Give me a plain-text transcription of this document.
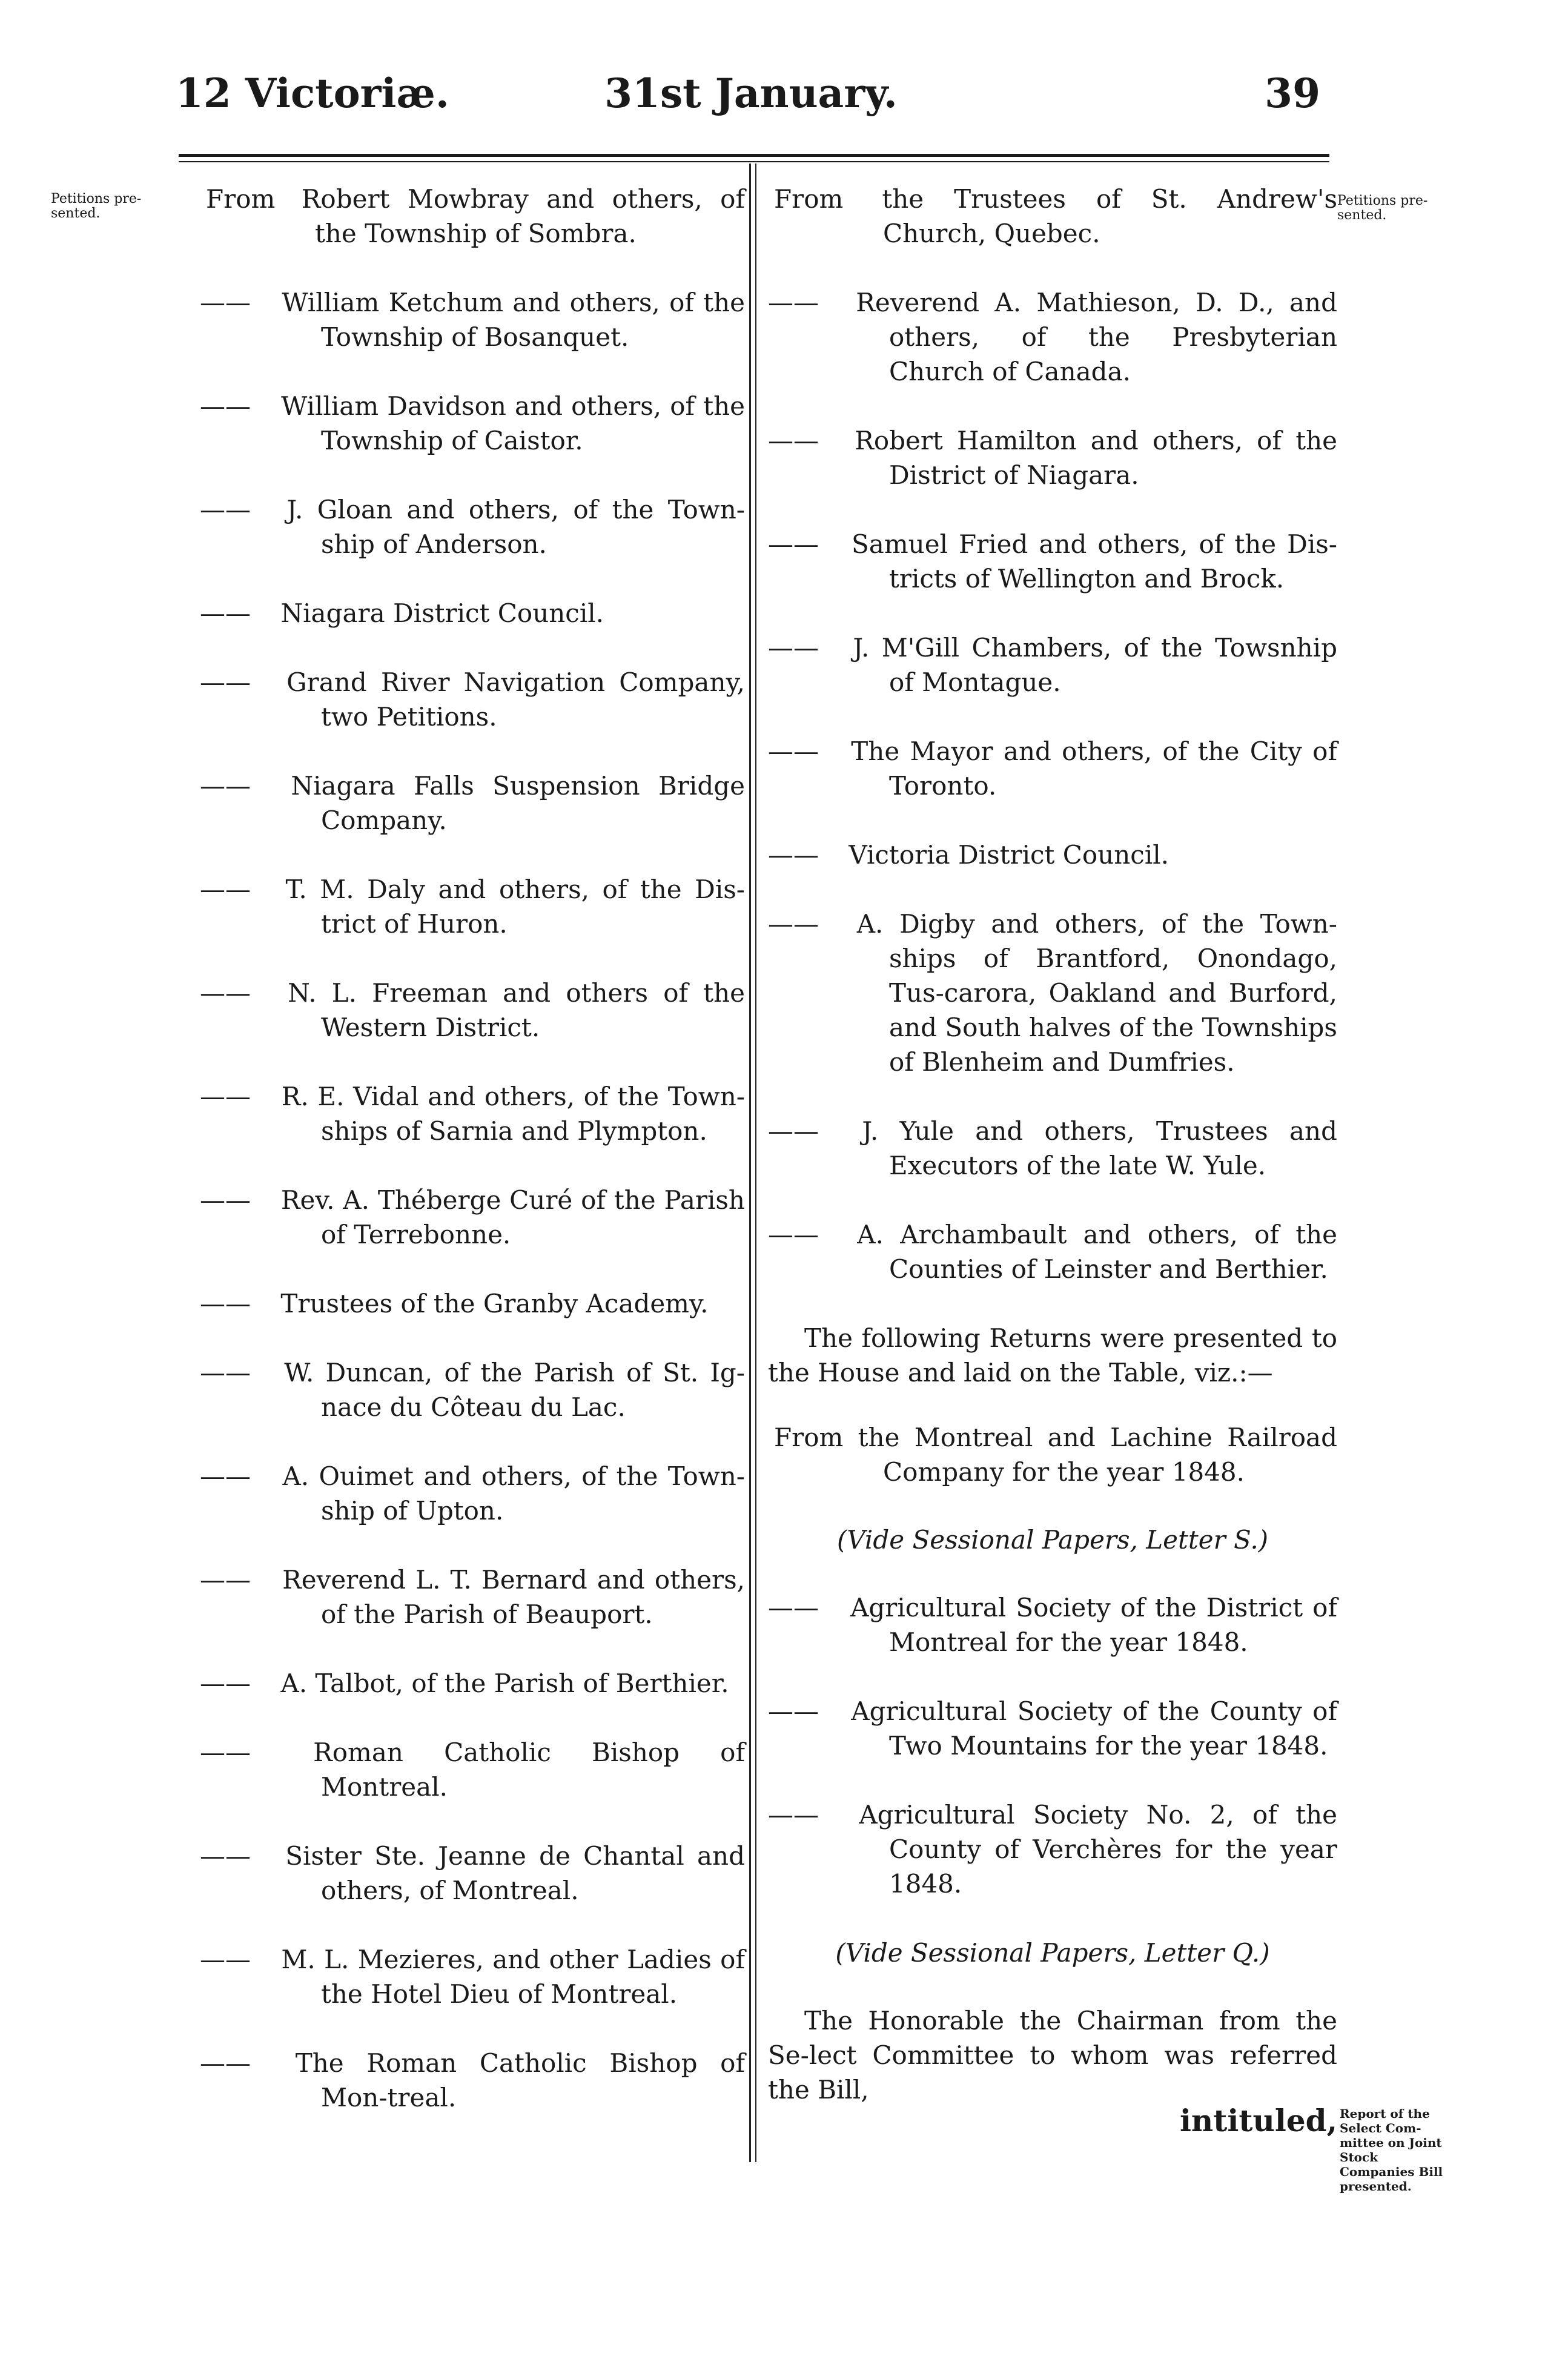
12 Victoriæ.	31st January.	39
Petitions pre-sented.
Petitions pre-sented.
Report of the Select Com-mittee on Joint Stock Companies Bill presented.
From Robert Mowbray and others, of the Township of Sombra.
—— William Ketchum and others, of the Township of Bosanquet.
—— William Davidson and others, of the Township of Caistor.
—— J. Gloan and others, of the Town-ship of Anderson.
—— Niagara District Council.
—— Grand River Navigation Company, two Petitions.
—— Niagara Falls Suspension Bridge Company.
—— T. M. Daly and others, of the Dis-trict of Huron.
—— N. L. Freeman and others of the Western District.
—— R. E. Vidal and others, of the Town-ships of Sarnia and Plympton.
—— Rev. A. Théberge Curé of the Parish of Terrebonne.
—— Trustees of the Granby Academy.
—— W. Duncan, of the Parish of St. Ig-nace du Côteau du Lac.
—— A. Ouimet and others, of the Town-ship of Upton.
—— Reverend L. T. Bernard and others, of the Parish of Beauport.
—— A. Talbot, of the Parish of Berthier.
—— Roman Catholic Bishop of Montreal.
—— Sister Ste. Jeanne de Chantal and others, of Montreal.
—— M. L. Mezieres, and other Ladies of the Hotel Dieu of Montreal.
—— The Roman Catholic Bishop of Mon-treal.
From the Trustees of St. Andrew's Church, Quebec.
—— Reverend A. Mathieson, D. D., and others, of the Presbyterian Church of Canada.
—— Robert Hamilton and others, of the District of Niagara.
—— Samuel Fried and others, of the Dis-tricts of Wellington and Brock.
—— J. M'Gill Chambers, of the Towsnhip of Montague.
—— The Mayor and others, of the City of Toronto.
—— Victoria District Council.
—— A. Digby and others, of the Town-ships of Brantford, Onondago, Tus-carora, Oakland and Burford, and South halves of the Townships of Blenheim and Dumfries.
—— J. Yule and others, Trustees and Executors of the late W. Yule.
—— A. Archambault and others, of the Counties of Leinster and Berthier.
The following Returns were presented to the House and laid on the Table, viz.:—
From the Montreal and Lachine Railroad Company for the year 1848.
(Vide Sessional Papers, Letter S.)
—— Agricultural Society of the District of Montreal for the year 1848.
—— Agricultural Society of the County of Two Mountains for the year 1848.
—— Agricultural Society No. 2, of the County of Verchères for the year 1848.
(Vide Sessional Papers, Letter Q.)
The Honorable the Chairman from the Se-lect Committee to whom was referred the Bill,
intituled,
